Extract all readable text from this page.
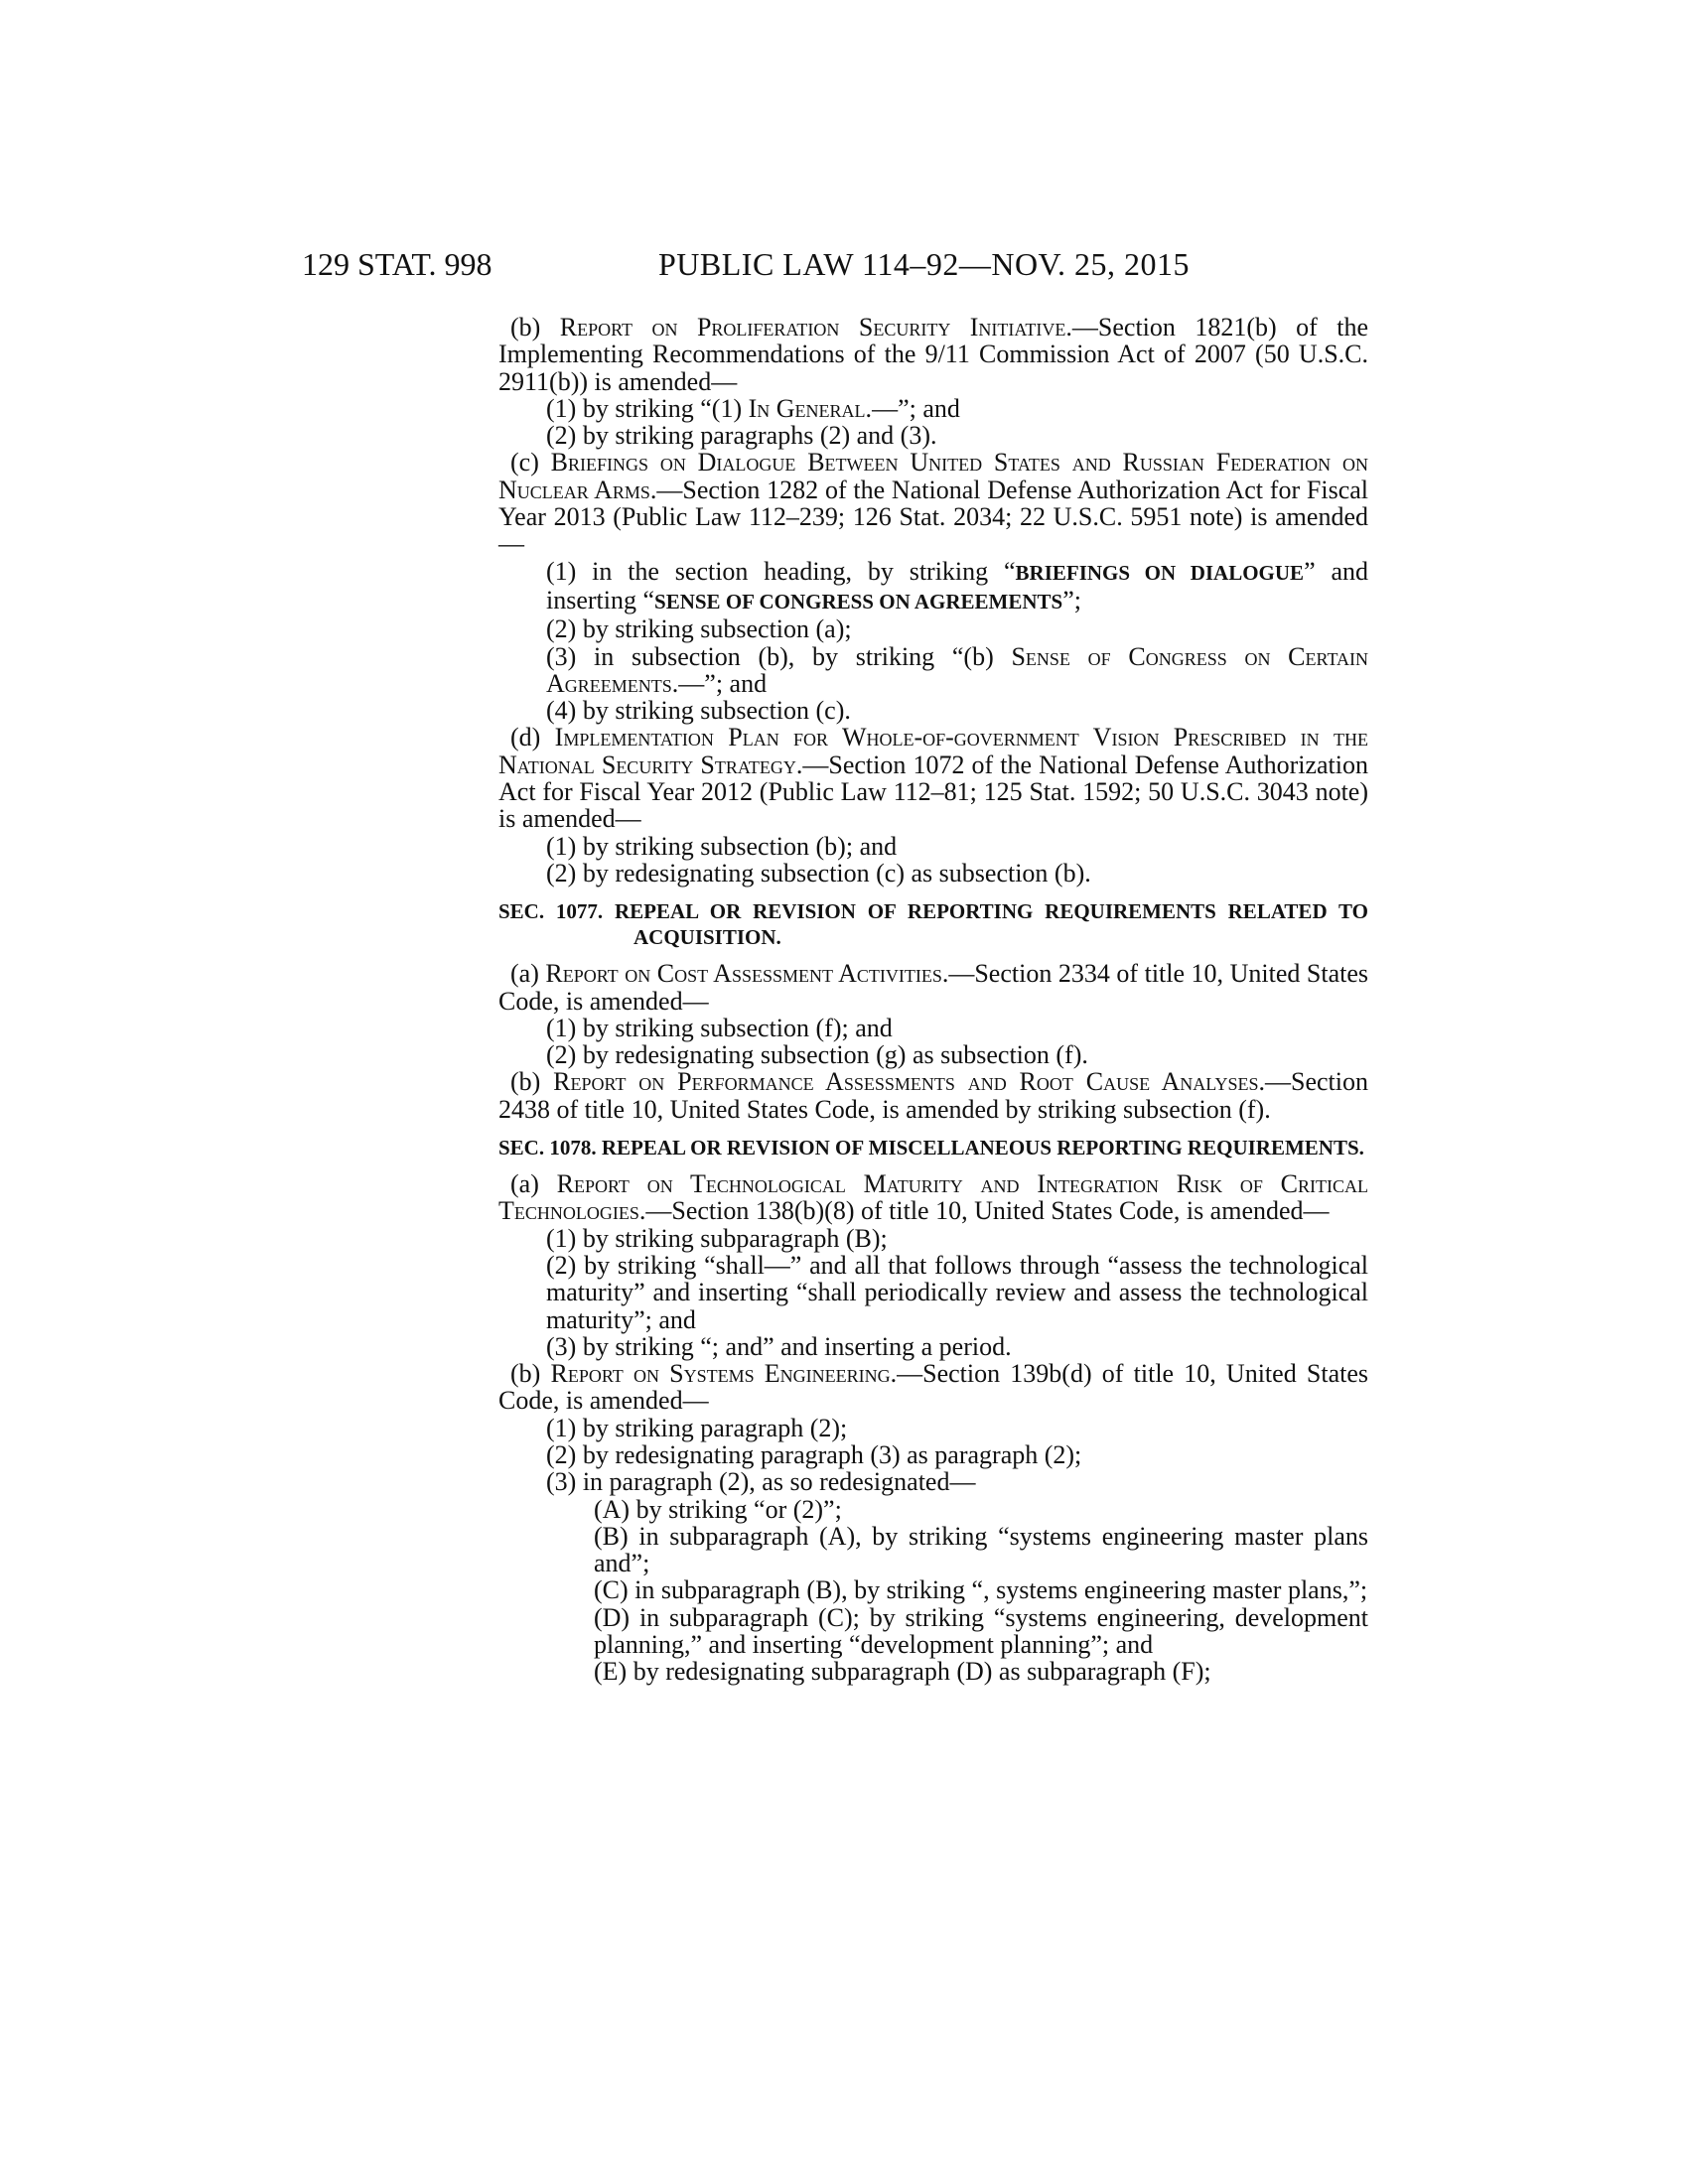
129 STAT. 998	PUBLIC LAW 114–92—NOV. 25, 2015

(b) Report on Proliferation Security Initiative.—Section 1821(b) of the Implementing Recommendations of the 9/11 Commission Act of 2007 (50 U.S.C. 2911(b)) is amended—

(1) by striking “(1) In General.—”; and

(2) by striking paragraphs (2) and (3).

(c) Briefings on Dialogue Between United States and Russian Federation on Nuclear Arms.—Section 1282 of the National Defense Authorization Act for Fiscal Year 2013 (Public Law 112–239; 126 Stat. 2034; 22 U.S.C. 5951 note) is amended—

(1) in the section heading, by striking “BRIEFINGS ON DIALOGUE” and inserting “SENSE OF CONGRESS ON AGREEMENTS”;

(2) by striking subsection (a);

(3) in subsection (b), by striking “(b) Sense of Congress on Certain Agreements.—”; and

(4) by striking subsection (c).

(d) Implementation Plan for Whole-of-government Vision Prescribed in the National Security Strategy.—Section 1072 of the National Defense Authorization Act for Fiscal Year 2012 (Public Law 112–81; 125 Stat. 1592; 50 U.S.C. 3043 note) is amended—

(1) by striking subsection (b); and

(2) by redesignating subsection (c) as subsection (b).

SEC. 1077. REPEAL OR REVISION OF REPORTING REQUIREMENTS RELATED TO ACQUISITION.

(a) Report on Cost Assessment Activities.—Section 2334 of title 10, United States Code, is amended—

(1) by striking subsection (f); and

(2) by redesignating subsection (g) as subsection (f).

(b) Report on Performance Assessments and Root Cause Analyses.—Section 2438 of title 10, United States Code, is amended by striking subsection (f).

SEC. 1078. REPEAL OR REVISION OF MISCELLANEOUS REPORTING REQUIREMENTS.

(a) Report on Technological Maturity and Integration Risk of Critical Technologies.—Section 138(b)(8) of title 10, United States Code, is amended—

(1) by striking subparagraph (B);

(2) by striking “shall—” and all that follows through “assess the technological maturity” and inserting “shall periodically review and assess the technological maturity”; and

(3) by striking “; and” and inserting a period.

(b) Report on Systems Engineering.—Section 139b(d) of title 10, United States Code, is amended—

(1) by striking paragraph (2);

(2) by redesignating paragraph (3) as paragraph (2);

(3) in paragraph (2), as so redesignated—

(A) by striking “or (2)”;

(B) in subparagraph (A), by striking “systems engineering master plans and”;

(C) in subparagraph (B), by striking “, systems engineering master plans,”;

(D) in subparagraph (C); by striking “systems engineering, development planning,” and inserting “development planning”; and

(E) by redesignating subparagraph (D) as subparagraph (F);
